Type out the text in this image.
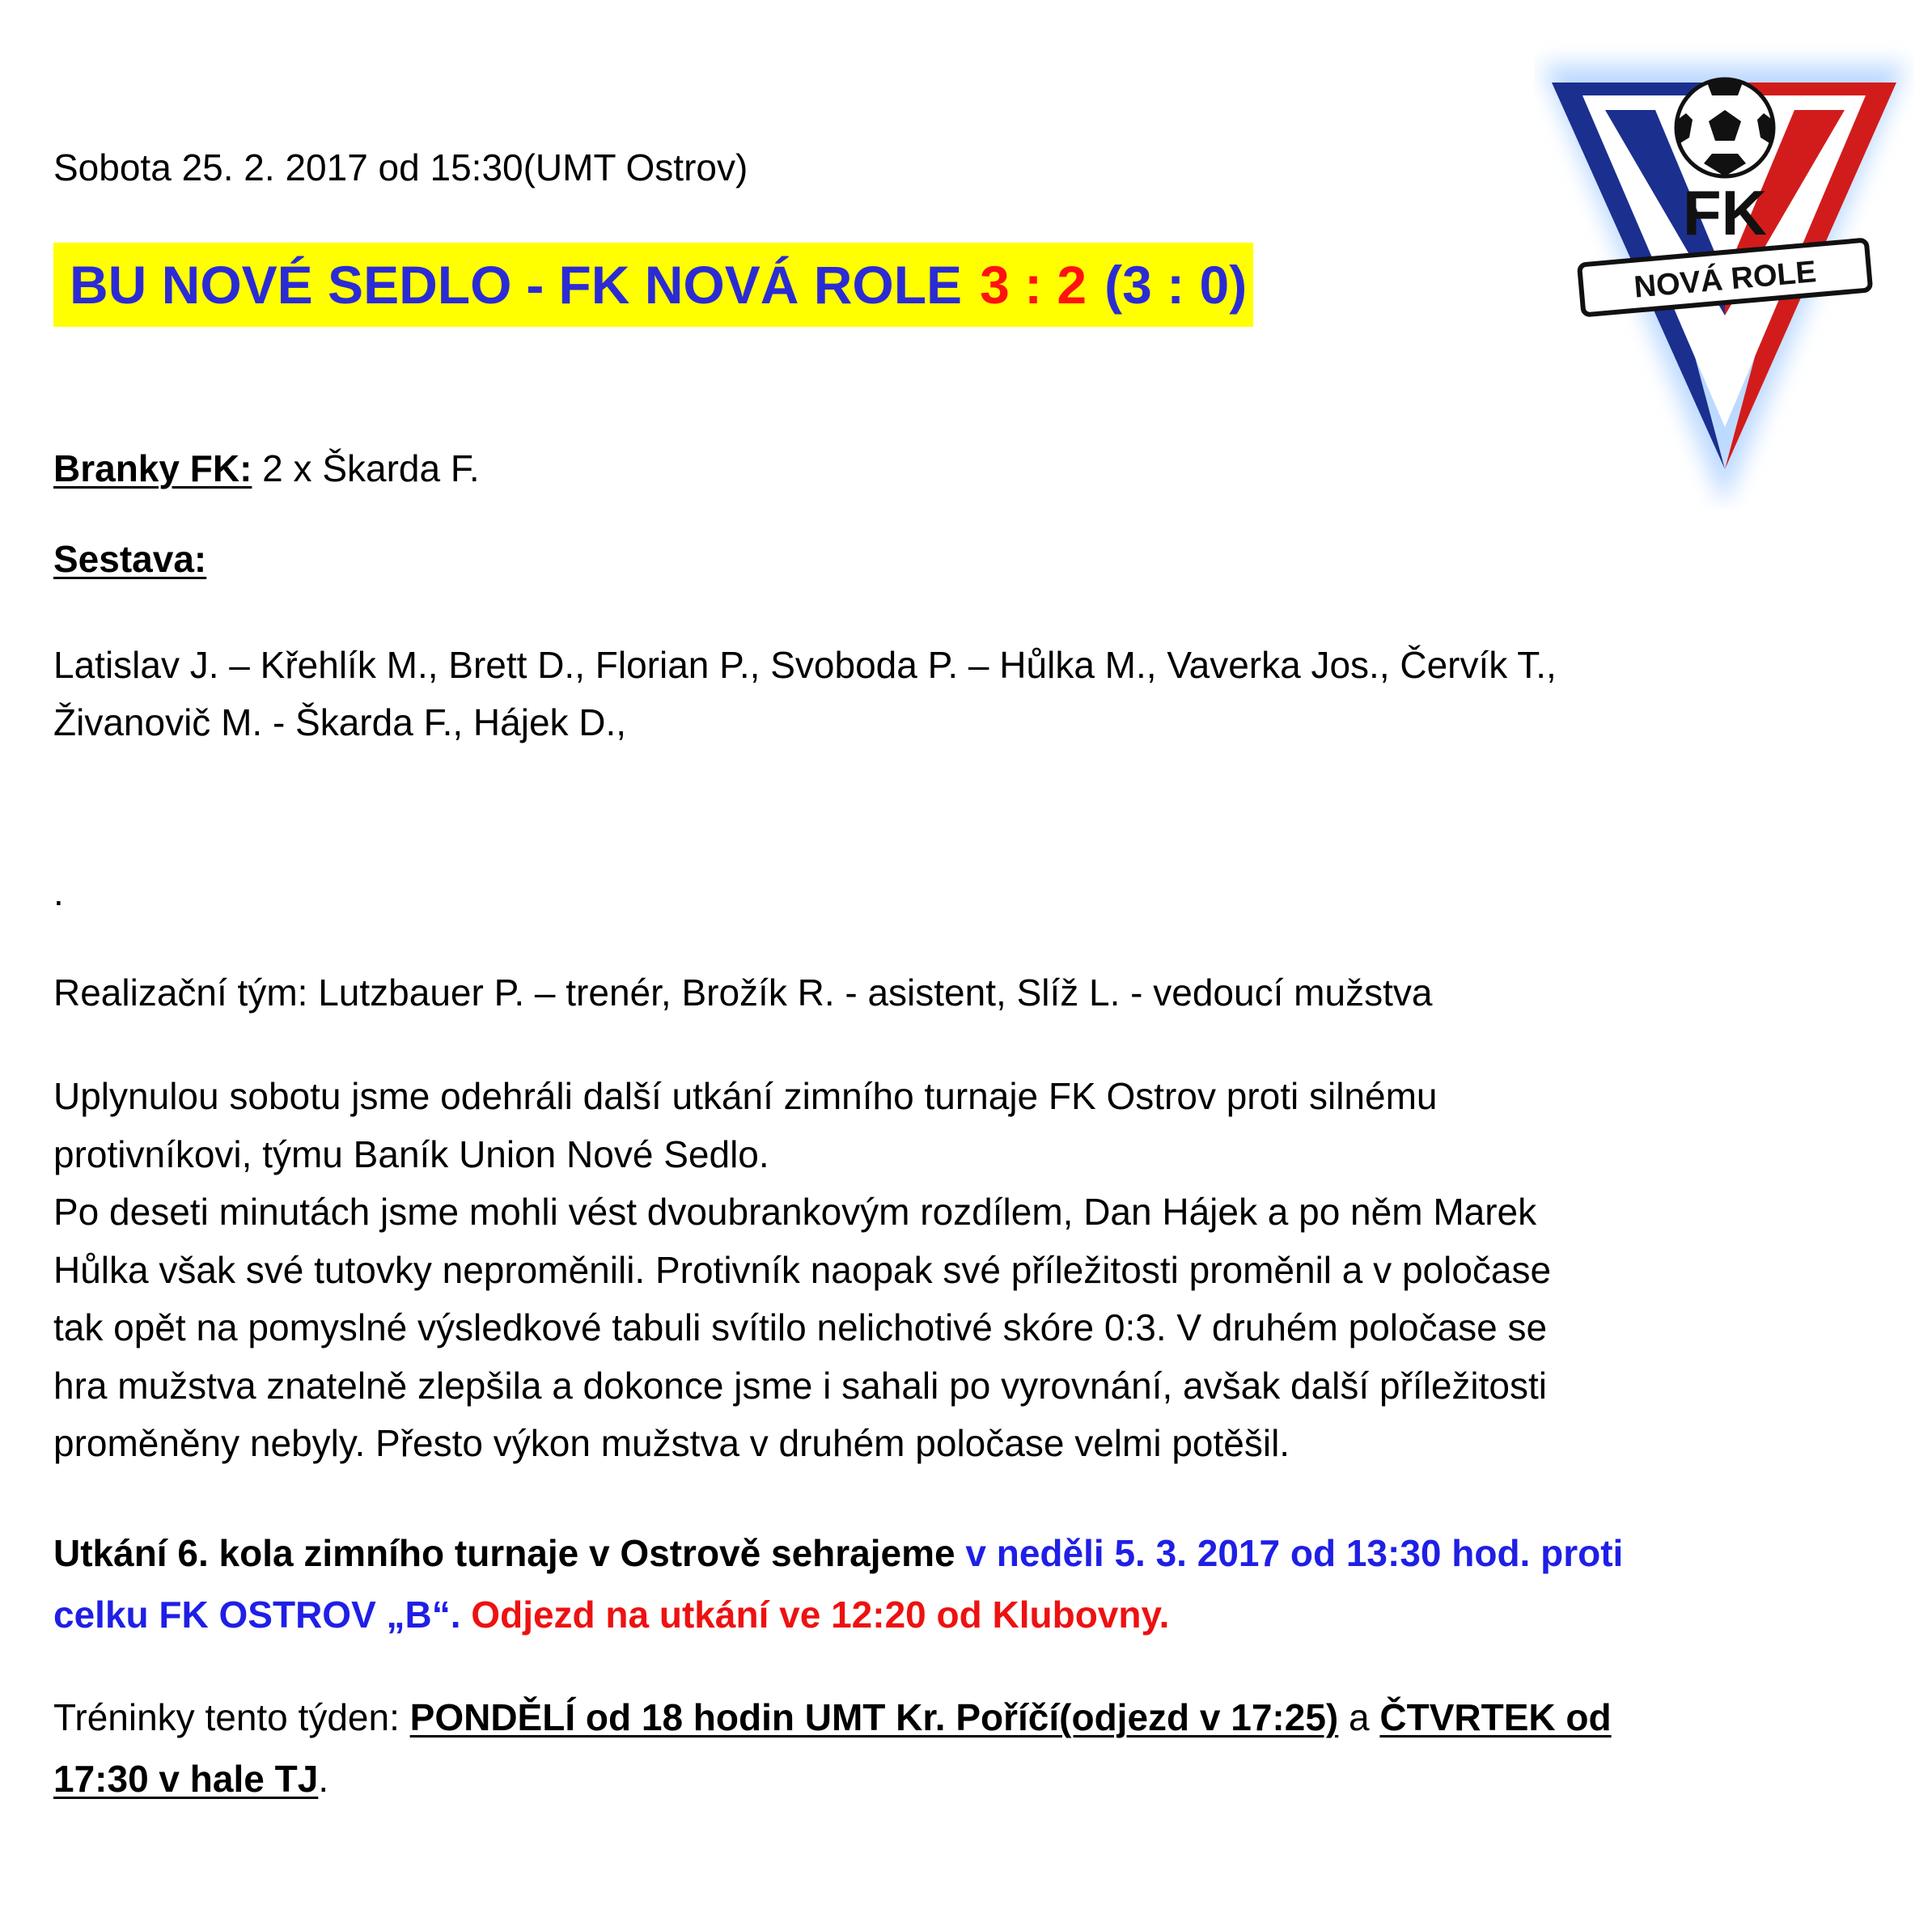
Sobota 25. 2. 2017 od 15:30(UMT Ostrov)
BU NOVÉ SEDLO - FK NOVÁ ROLE 3 : 2 (3 : 0)
Branky FK: 2 x Škarda F.
Sestava:
Latislav J. – Křehlík M., Brett D., Florian P., Svoboda P. – Hůlka M., Vaverka Jos., Červík T.,
Živanovič M. - Škarda F., Hájek D.,
.
Realizační tým: Lutzbauer P. – trenér, Brožík R. - asistent, Slíž L. - vedoucí mužstva
Uplynulou sobotu jsme odehráli další utkání zimního turnaje FK Ostrov proti silnému
protivníkovi, týmu Baník Union Nové Sedlo.
Po deseti minutách jsme mohli vést dvoubrankovým rozdílem, Dan Hájek a po něm Marek
Hůlka však své tutovky neproměnili. Protivník naopak své příležitosti proměnil a v poločase
tak opět na pomyslné výsledkové tabuli svítilo nelichotivé skóre 0:3. V druhém poločase se
hra mužstva znatelně zlepšila a dokonce jsme i sahali po vyrovnání, avšak další příležitosti
proměněny nebyly. Přesto výkon mužstva v druhém poločase velmi potěšil.
Utkání 6. kola zimního turnaje v Ostrově sehrajeme v neděli 5. 3. 2017 od 13:30 hod. proti
celku FK OSTROV „B“. Odjezd na utkání ve 12:20 od Klubovny.
Tréninky tento týden: PONDĚLÍ od 18 hodin UMT Kr. Poříčí(odjezd v 17:25) a ČTVRTEK od
17:30 v hale TJ.
FK
NOVÁ ROLE
